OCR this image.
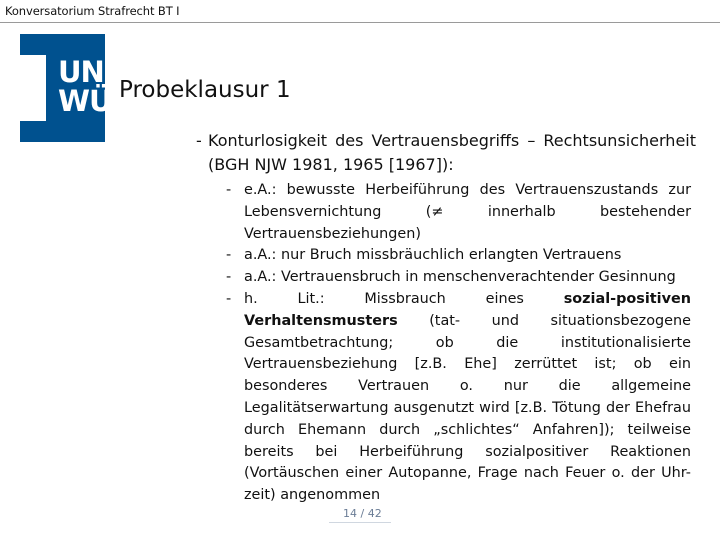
Konversatorium Strafrecht BT I
UNI
WÜ Probeklausur 1
- Konturlosigkeit des Vertrauensbegriffs – Rechtsunsicherheit (BGH NJW 1981, 1965 [1967]):
- e.A.: bewusste Herbeiführung des Vertrauenszustands zur Lebensvernichtung (≠ innerhalb bestehender Vertrauensbeziehungen)
- a.A.: nur Bruch missbräuchlich erlangten Vertrauens
- a.A.: Vertrauensbruch in menschenverachtender Gesinnung
- h. Lit.: Missbrauch eines sozial-positiven Verhaltensmusters (tat- und situationsbezogene Gesamtbetrachtung; ob die institutionalisierte Vertrauensbeziehung [z.B. Ehe] zerrüttet ist; ob ein besonderes Vertrauen o. nur die allgemeine Legalitätserwartung ausgenutzt wird [z.B. Tötung der Ehefrau durch Ehemann durch „schlichtes“ Anfahren]); teilweise bereits bei Herbeiführung sozialpositiver Reaktionen (Vortäuschen einer Autopanne, Frage nach Feuer o. der Uhr-zeit) angenommen
14 / 42
